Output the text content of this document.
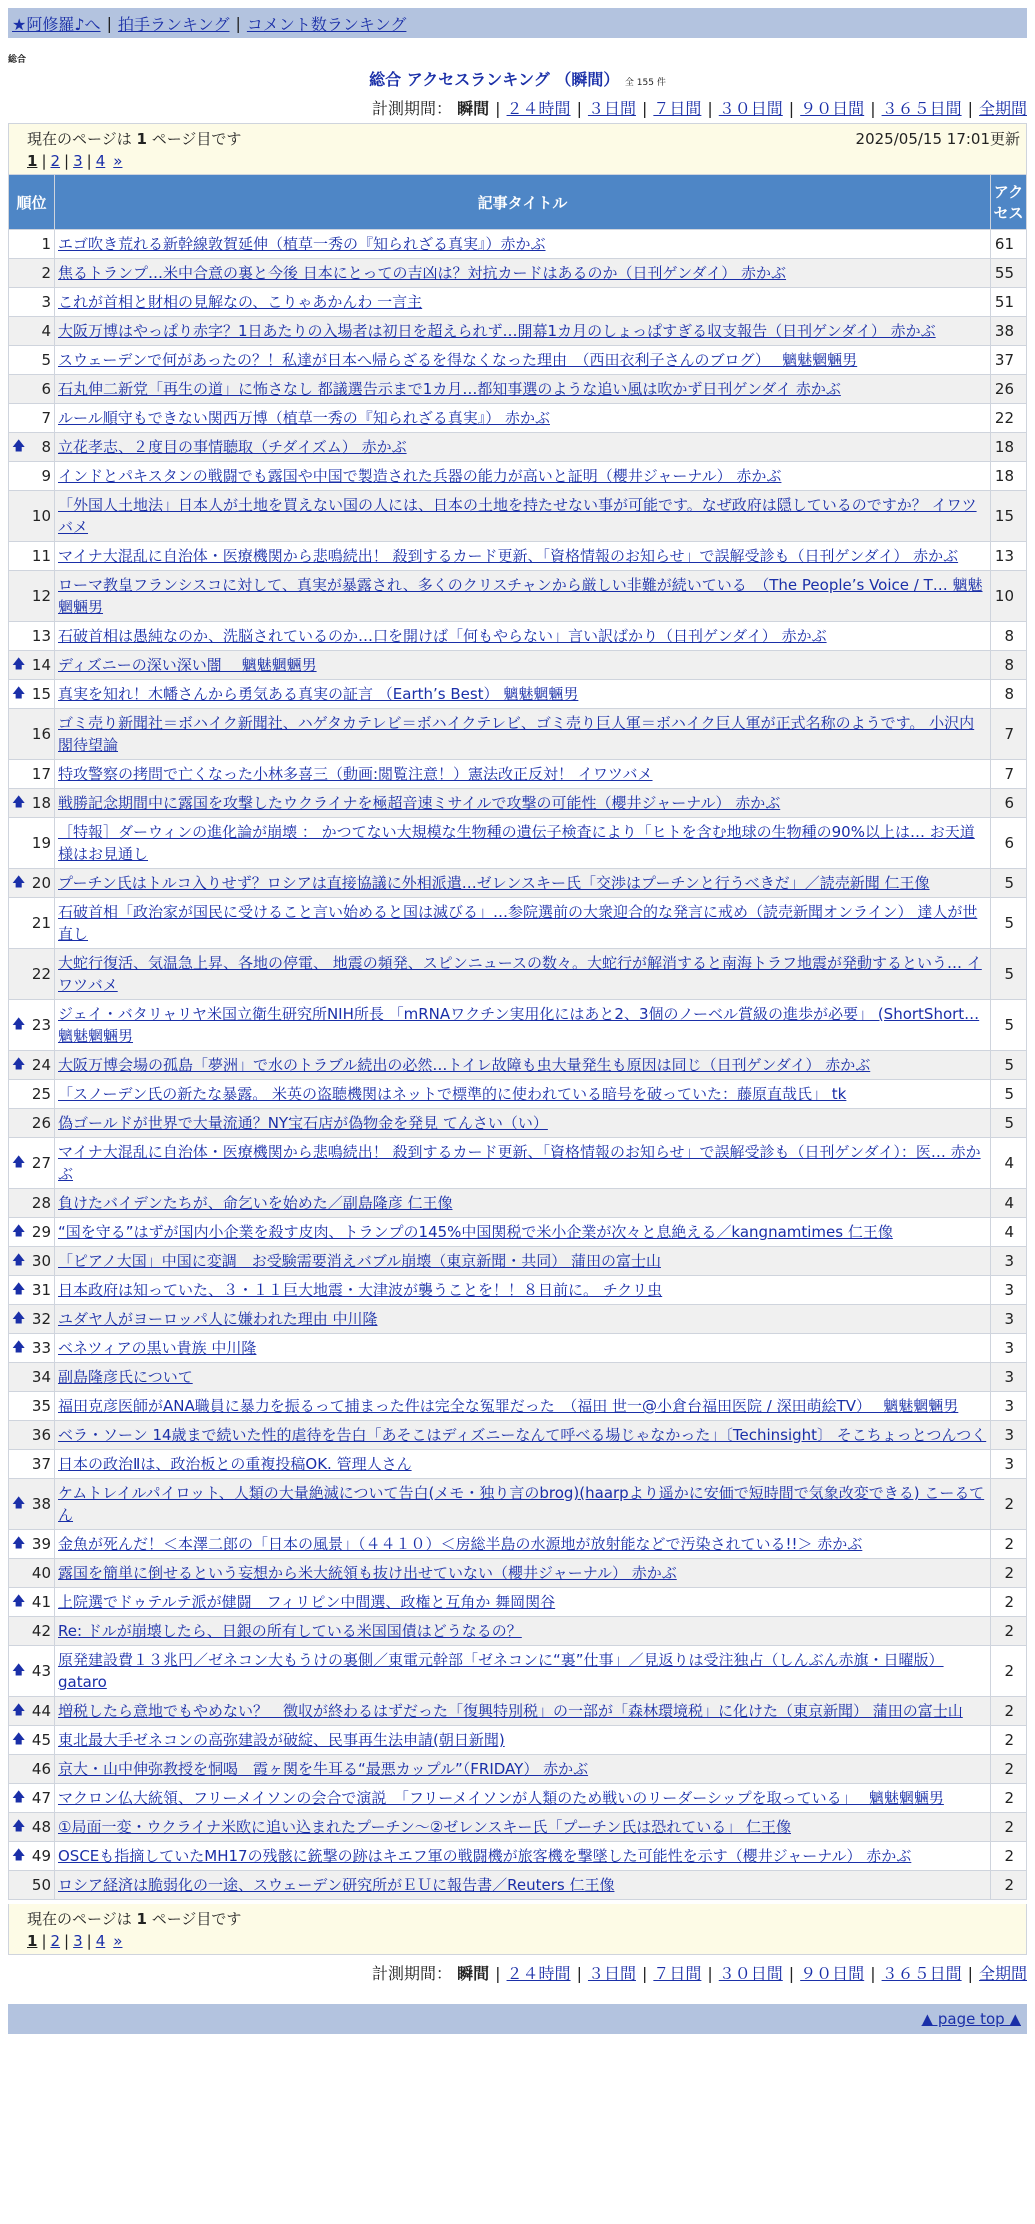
★阿修羅♪へ | 拍手ランキング | コメント数ランキング
総合
総合 アクセスランキング （瞬間） 全 155 件
計測期間： 瞬間 | ２４時間 | ３日間 | ７日間 | ３０日間 | ９０日間 | ３６５日間 | 全期間
現在のページは 1 ページ目です	2025/05/15 17:01更新
1 | 2 | 3 | 4 »
順位	記事タイトル	アクセス
1	エゴ吹き荒れる新幹線敦賀延伸（植草一秀の『知られざる真実』）赤かぶ	61
2	焦るトランプ…米中合意の裏と今後 日本にとっての吉凶は？対抗カードはあるのか（日刊ゲンダイ） 赤かぶ	55
3	これが首相と財相の見解なの、こりゃあかんわ 一言主	51
4	大阪万博はやっぱり赤字？1日あたりの入場者は初日を超えられず…開幕1カ月のしょっぱすぎる収支報告（日刊ゲンダイ） 赤かぶ	38
5	スウェーデンで何があったの？！私達が日本へ帰らざるを得なくなった理由　（西田衣利子さんのブログ）　 魑魅魍魎男	37
6	石丸伸二新党「再生の道」に怖さなし 都議選告示まで1カ月…都知事選のような追い風は吹かず日刊ゲンダイ 赤かぶ	26
7	ルール順守もできない関西万博（植草一秀の『知られざる真実』） 赤かぶ	22

🡅 8	立花孝志、２度目の事情聴取（チダイズム） 赤かぶ	18
9	インドとパキスタンの戦闘でも露国や中国で製造された兵器の能力が高いと証明（櫻井ジャーナル） 赤かぶ	18
10	「外国人土地法」日本人が土地を買えない国の人には、日本の土地を持たせない事が可能です。なぜ政府は隠しているのですか？ イワツバメ	15
11	マイナ大混乱に自治体・医療機関から悲鳴続出！ 殺到するカード更新、「資格情報のお知らせ」で誤解受診も（日刊ゲンダイ） 赤かぶ	13
12	ローマ教皇フランシスコに対して、真実が暴露され、多くのクリスチャンから厳しい非難が続いている　（The People’s Voice / T… 魑魅魍魎男	10
13	石破首相は愚純なのか、洗脳されているのか…口を開けば「何もやらない」言い訳ばかり（日刊ゲンダイ） 赤かぶ	8

🡅 14	ディズニーの深い深い闇　 魑魅魍魎男	8

🡅 15	真実を知れ！木幡さんから勇気ある真実の証言 （Earth’s Best） 魑魅魍魎男	8
16	ゴミ売り新聞社＝ボハイク新聞社、ハゲタカテレビ＝ボハイクテレビ、ゴミ売り巨人軍＝ボハイク巨人軍が正式名称のようです。 小沢内閣待望論	7
17	特攻警察の拷問で亡くなった小林多喜三（動画:閲覧注意！）憲法改正反対！ イワツバメ	7

🡅 18	戦勝記念期間中に露国を攻撃したウクライナを極超音速ミサイルで攻撃の可能性（櫻井ジャーナル） 赤かぶ	6
19	［特報］ダーウィンの進化論が崩壊 ： かつてない大規模な生物種の遺伝子検査により「ヒトを含む地球の生物種の90%以上は… お天道様はお見通し	6

🡅 20	プーチン氏はトルコ入りせず？ロシアは直接協議に外相派遣…ゼレンスキー氏「交渉はプーチンと行うべきだ」／読売新聞 仁王像	5
21	石破首相「政治家が国民に受けること言い始めると国は滅びる」…参院選前の大衆迎合的な発言に戒め（読売新聞オンライン） 達人が世直し	5
22	大蛇行復活、気温急上昇、各地の停電、 地震の頻発、スピンニュースの数々。大蛇行が解消すると南海トラフ地震が発動するという… イワツバメ	5

🡅 23	ジェイ・バタリャリヤ米国立衛生研究所NIH所長 「mRNAワクチン実用化にはあと2、3個のノーベル賞級の進歩が必要」 (ShortShort… 魑魅魍魎男	5

🡅 24	大阪万博会場の孤島「夢洲」で水のトラブル続出の必然…トイレ故障も虫大量発生も原因は同じ（日刊ゲンダイ） 赤かぶ	5
25	「スノーデン氏の新たな暴露。 米英の盗聴機関はネットで標準的に使われている暗号を破っていた：藤原直哉氏」 tk	5
26	偽ゴールドが世界で大量流通？NY宝石店が偽物金を発見 てんさい（い）	5

🡅 27	マイナ大混乱に自治体・医療機関から悲鳴続出！ 殺到するカード更新、「資格情報のお知らせ」で誤解受診も（日刊ゲンダイ）：医… 赤かぶ	4
28	負けたバイデンたちが、命乞いを始めた／副島隆彦 仁王像	4

🡅 29	“国を守る”はずが国内小企業を殺す皮肉、トランプの145%中国関税で米小企業が次々と息絶える／kangnamtimes 仁王像	4

🡅 30	「ピアノ大国」中国に変調　お受験需要消えバブル崩壊（東京新聞・共同） 蒲田の富士山	3

🡅 31	日本政府は知っていた、３・１１巨大地震・大津波が襲うことを！！８日前に。 チクリ虫	3

🡅 32	ユダヤ人がヨーロッパ人に嫌われた理由 中川隆	3

🡅 33	ベネツィアの黒い貴族 中川隆	3
34	副島隆彦氏について	3
35	福田克彦医師がANA職員に暴力を振るって捕まった件は完全な冤罪だった　（福田 世一@小倉台福田医院 / 深田萌絵TV）　 魑魅魍魎男	3
36	ベラ・ソーン 14歳まで続いた性的虐待を告白「あそこはディズニーなんて呼べる場じゃなかった」〔Techinsight〕 そこちょっとつんつく	3
37	日本の政治Ⅱは、政治板との重複投稿OK. 管理人さん	3

🡅 38	ケムトレイルパイロット、人類の大量絶滅について告白(メモ・独り言のbrog)(haarpより遥かに安価で短時間で気象改変できる) こーるてん	2

🡅 39	金魚が死んだ！＜本澤二郎の「日本の風景」（４４１０）＜房総半島の水源地が放射能などで汚染されている!!＞ 赤かぶ	2
40	露国を簡単に倒せるという妄想から米大統領も抜け出せていない（櫻井ジャーナル） 赤かぶ	2

🡅 41	上院選でドゥテルテ派が健闘　フィリピン中間選、政権と互角か 舞岡関谷	2
42	Re: ドルが崩壊したら、日銀の所有している米国国債はどうなるの？	2

🡅 43	原発建設費１３兆円／ゼネコン大もうけの裏側／東電元幹部「ゼネコンに“裏”仕事」／見返りは受注独占（しんぶん赤旗・日曜版） gataro	2

🡅 44	増税したら意地でもやめない？　徴収が終わるはずだった「復興特別税」の一部が「森林環境税」に化けた（東京新聞） 蒲田の富士山	2

🡅 45	東北最大手ゼネコンの高弥建設が破綻、民事再生法申請(朝日新聞)	2
46	京大・山中伸弥教授を恫喝　霞ヶ関を牛耳る“最悪カップル”（FRIDAY） 赤かぶ	2

🡅 47	マクロン仏大統領、フリーメイソンの会合で演説　「フリーメイソンが人類のため戦いのリーダーシップを取っている」　 魑魅魍魎男	2

🡅 48	①局面一変・ウクライナ米欧に追い込まれたプーチン～②ゼレンスキー氏「プーチン氏は恐れている」 仁王像	2

🡅 49	OSCEも指摘していたMH17の残骸に銃撃の跡はキエフ軍の戦闘機が旅客機を撃墜した可能性を示す（櫻井ジャーナル） 赤かぶ	2
50	ロシア経済は脆弱化の一途、スウェーデン研究所がＥＵに報告書／Reuters 仁王像	2
現在のページは 1 ページ目です
1 | 2 | 3 | 4 »
計測期間： 瞬間 | ２４時間 | ３日間 | ７日間 | ３０日間 | ９０日間 | ３６５日間 | 全期間
▲ page top ▲
